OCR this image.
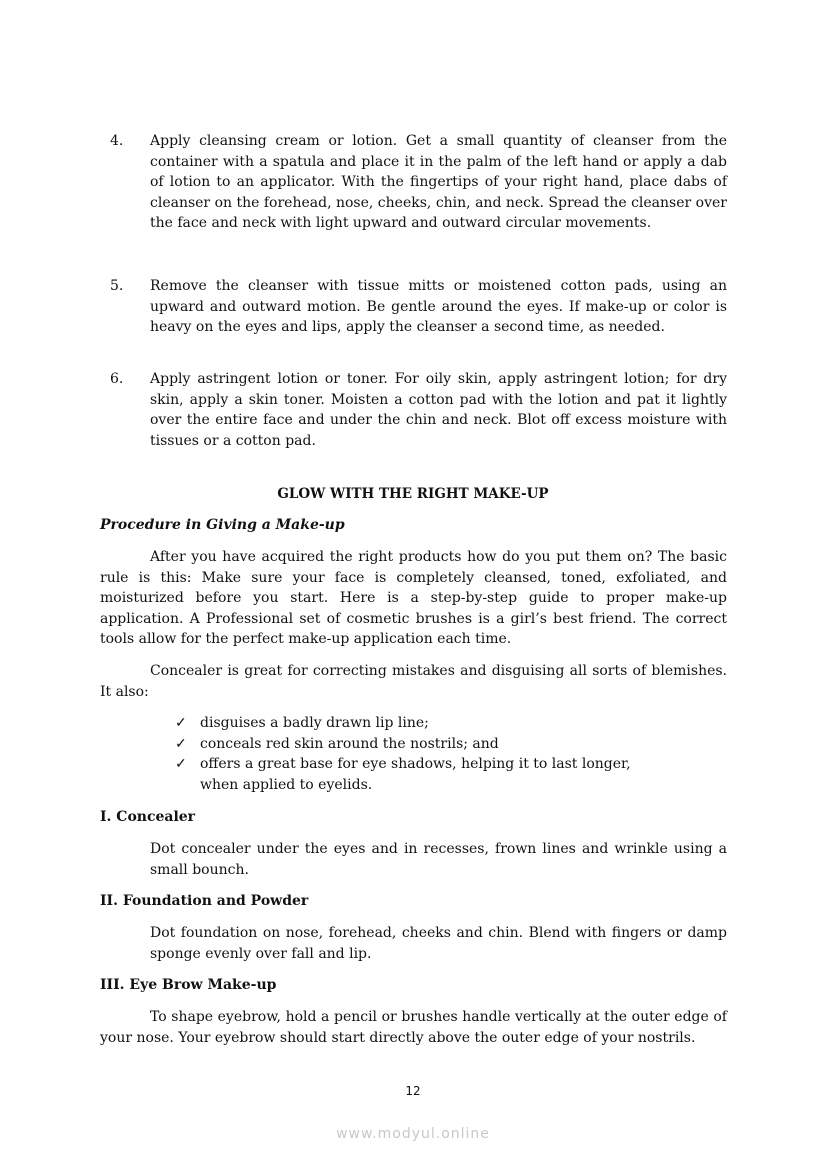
4. Apply cleansing cream or lotion. Get a small quantity of cleanser from the container with a spatula and place it in the palm of the left hand or apply a dab of lotion to an applicator. With the fingertips of your right hand, place dabs of cleanser on the forehead, nose, cheeks, chin, and neck. Spread the cleanser over the face and neck with light upward and outward circular movements.
5. Remove the cleanser with tissue mitts or moistened cotton pads, using an upward and outward motion. Be gentle around the eyes. If make-up or color is heavy on the eyes and lips, apply the cleanser a second time, as needed.
6. Apply astringent lotion or toner. For oily skin, apply astringent lotion; for dry skin, apply a skin toner. Moisten a cotton pad with the lotion and pat it lightly over the entire face and under the chin and neck. Blot off excess moisture with tissues or a cotton pad.
GLOW WITH THE RIGHT MAKE-UP
Procedure in Giving a Make-up
After you have acquired the right products how do you put them on? The basic rule is this: Make sure your face is completely cleansed, toned, exfoliated, and moisturized before you start. Here is a step-by-step guide to proper make-up application. A Professional set of cosmetic brushes is a girl’s best friend. The correct tools allow for the perfect make-up application each time.
Concealer is great for correcting mistakes and disguising all sorts of blemishes. It also:
✓ disguises a badly drawn lip line;
✓ conceals red skin around the nostrils; and
✓ offers a great base for eye shadows, helping it to last longer, when applied to eyelids.
I. Concealer
Dot concealer under the eyes and in recesses, frown lines and wrinkle using a small bounch.
II. Foundation and Powder
Dot foundation on nose, forehead, cheeks and chin. Blend with fingers or damp sponge evenly over fall and lip.
III. Eye Brow Make-up
To shape eyebrow, hold a pencil or brushes handle vertically at the outer edge of your nose. Your eyebrow should start directly above the outer edge of your nostrils.
12
www.modyul.online
